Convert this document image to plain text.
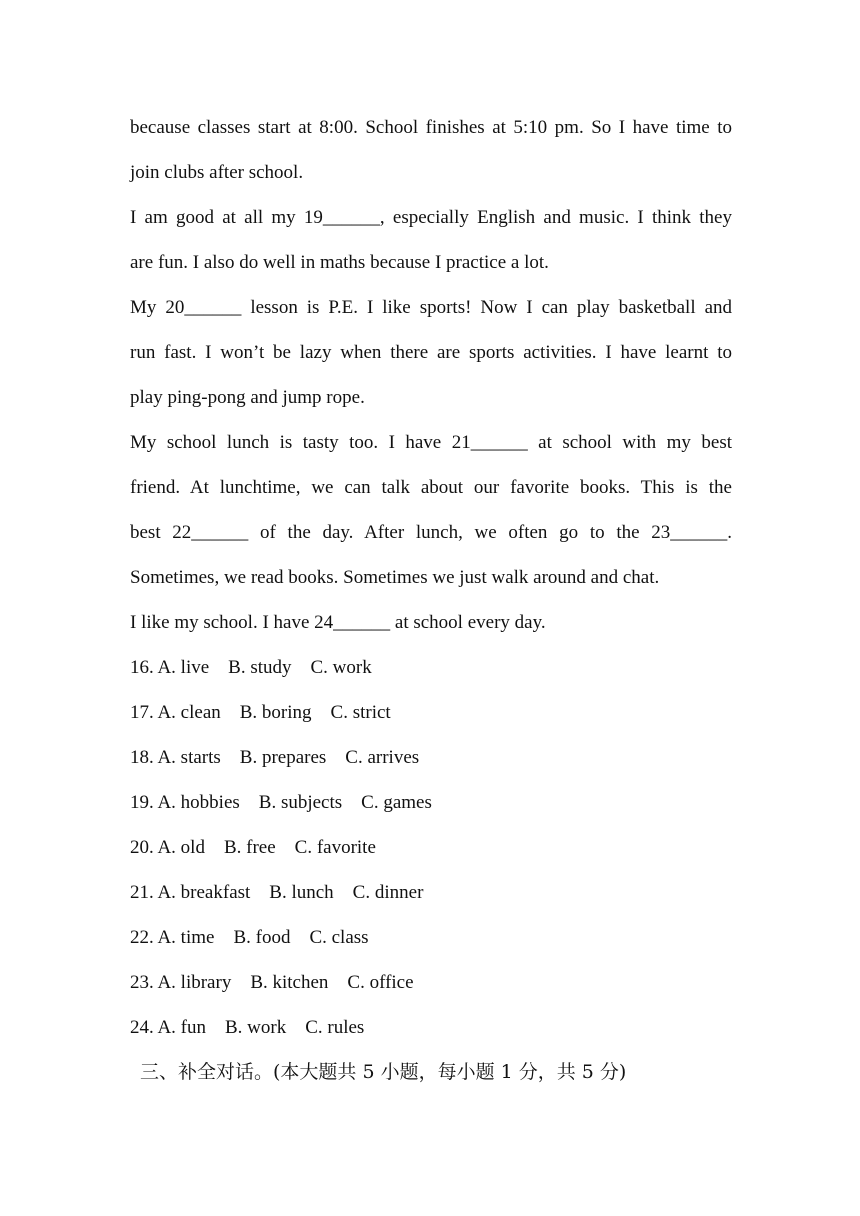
because classes start at 8:00. School finishes at 5:10 pm. So I have time to
join clubs after school.
I am good at all my 19______, especially English and music. I think they
are fun. I also do well in maths because I practice a lot.
My 20______ lesson is P.E. I like sports! Now I can play basketball and
run fast. I won’t be lazy when there are sports activities. I have learnt to
play ping-pong and jump rope.
My school lunch is tasty too. I have 21______ at school with my best
friend. At lunchtime, we can talk about our favorite books. This is the
best 22______ of the day. After lunch, we often go to the 23______.
Sometimes, we read books. Sometimes we just walk around and chat.
I like my school. I have 24______ at school every day.
16. A. live    B. study    C. work
17. A. clean    B. boring    C. strict
18. A. starts    B. prepares    C. arrives
19. A. hobbies    B. subjects    C. games
20. A. old    B. free    C. favorite
21. A. breakfast    B. lunch    C. dinner
22. A. time    B. food    C. class
23. A. library    B. kitchen    C. office
24. A. fun    B. work    C. rules
三、补全对话。(本大题共 5 小题，每小题 1 分，共 5 分)
